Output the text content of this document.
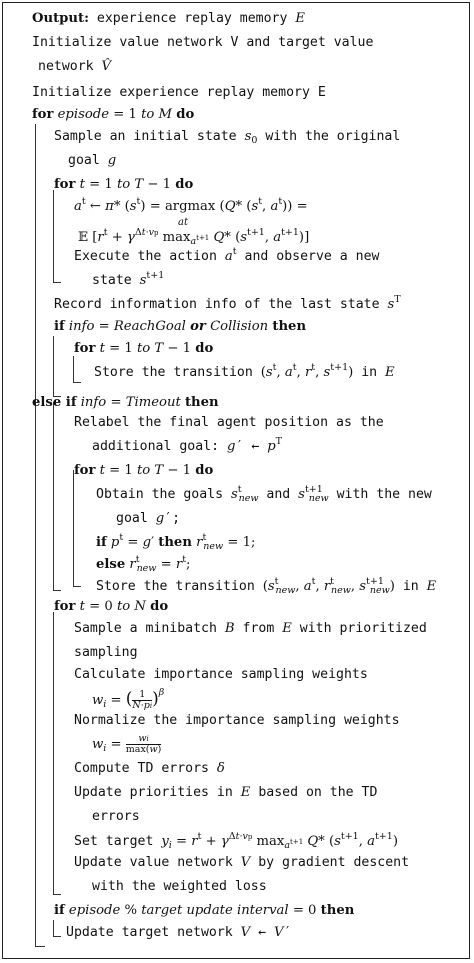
Output: experience replay memory E
Initialize value network V and target value
network V̂
Initialize experience replay memory E
for episode = 1 to M do
Sample an initial state $s_0$ with the original
goal g
for t = 1 to T − 1 do
$a^t$ ← π* $(s^t) = argmax$ (Q* ($s^t$, $a^t$)) =
at
𝔼 [$r^t + \gamma^{\Delta t\cdot vp}$ $\max_{a^{t+1}} Q*$ ($s^{t+1}$, $a^{t+1}$)]
Execute the action $a^t$ and observe a new
state $s^{t+1}$
Record information info of the last state $s^T$
if info = ReachGoal or Collision then
for t = 1 to T − 1 do
Store the transition ($s^t$, $a^t$, $r^t$, $s^{t+1}$) in E
else if info = Timeout then
Relabel the final agent position as the
additional goal: g′ ← $p^T$
for t = 1 to T − 1 do
Obtain the goals $s^t_{new}$ and $s^{t+1}_{new}$ with the new
goal g′;
if $p^t = g'$ then $r^t_{new} = 1$;
else $r^t_{new} = r^t$;
Store the transition ($s^t_{new}$, $a^t$, $r^t_{new}$, $s^{t+1}_{new}$) in E
for t = 0 to N do
Sample a minibatch B from E with prioritized
sampling
Calculate importance sampling weights
$w_i$ = ( $\frac{1}{N\cdot pi} )^\beta$
Normalize the importance sampling weights
$w_i = \frac{wi}{\max(w)}$
Compute TD errors δ
Update priorities in E based on the TD
errors
Set target $y_i = r^t + \gamma^{\Delta t\cdot vp}$ $\max_{a^{t+1}} Q*$ ($s^{t+1}$, $a^{t+1}$)
Update value network V by gradient descent
with the weighted loss
if episode % target update interval = 0 then
Update target network V ← V′
